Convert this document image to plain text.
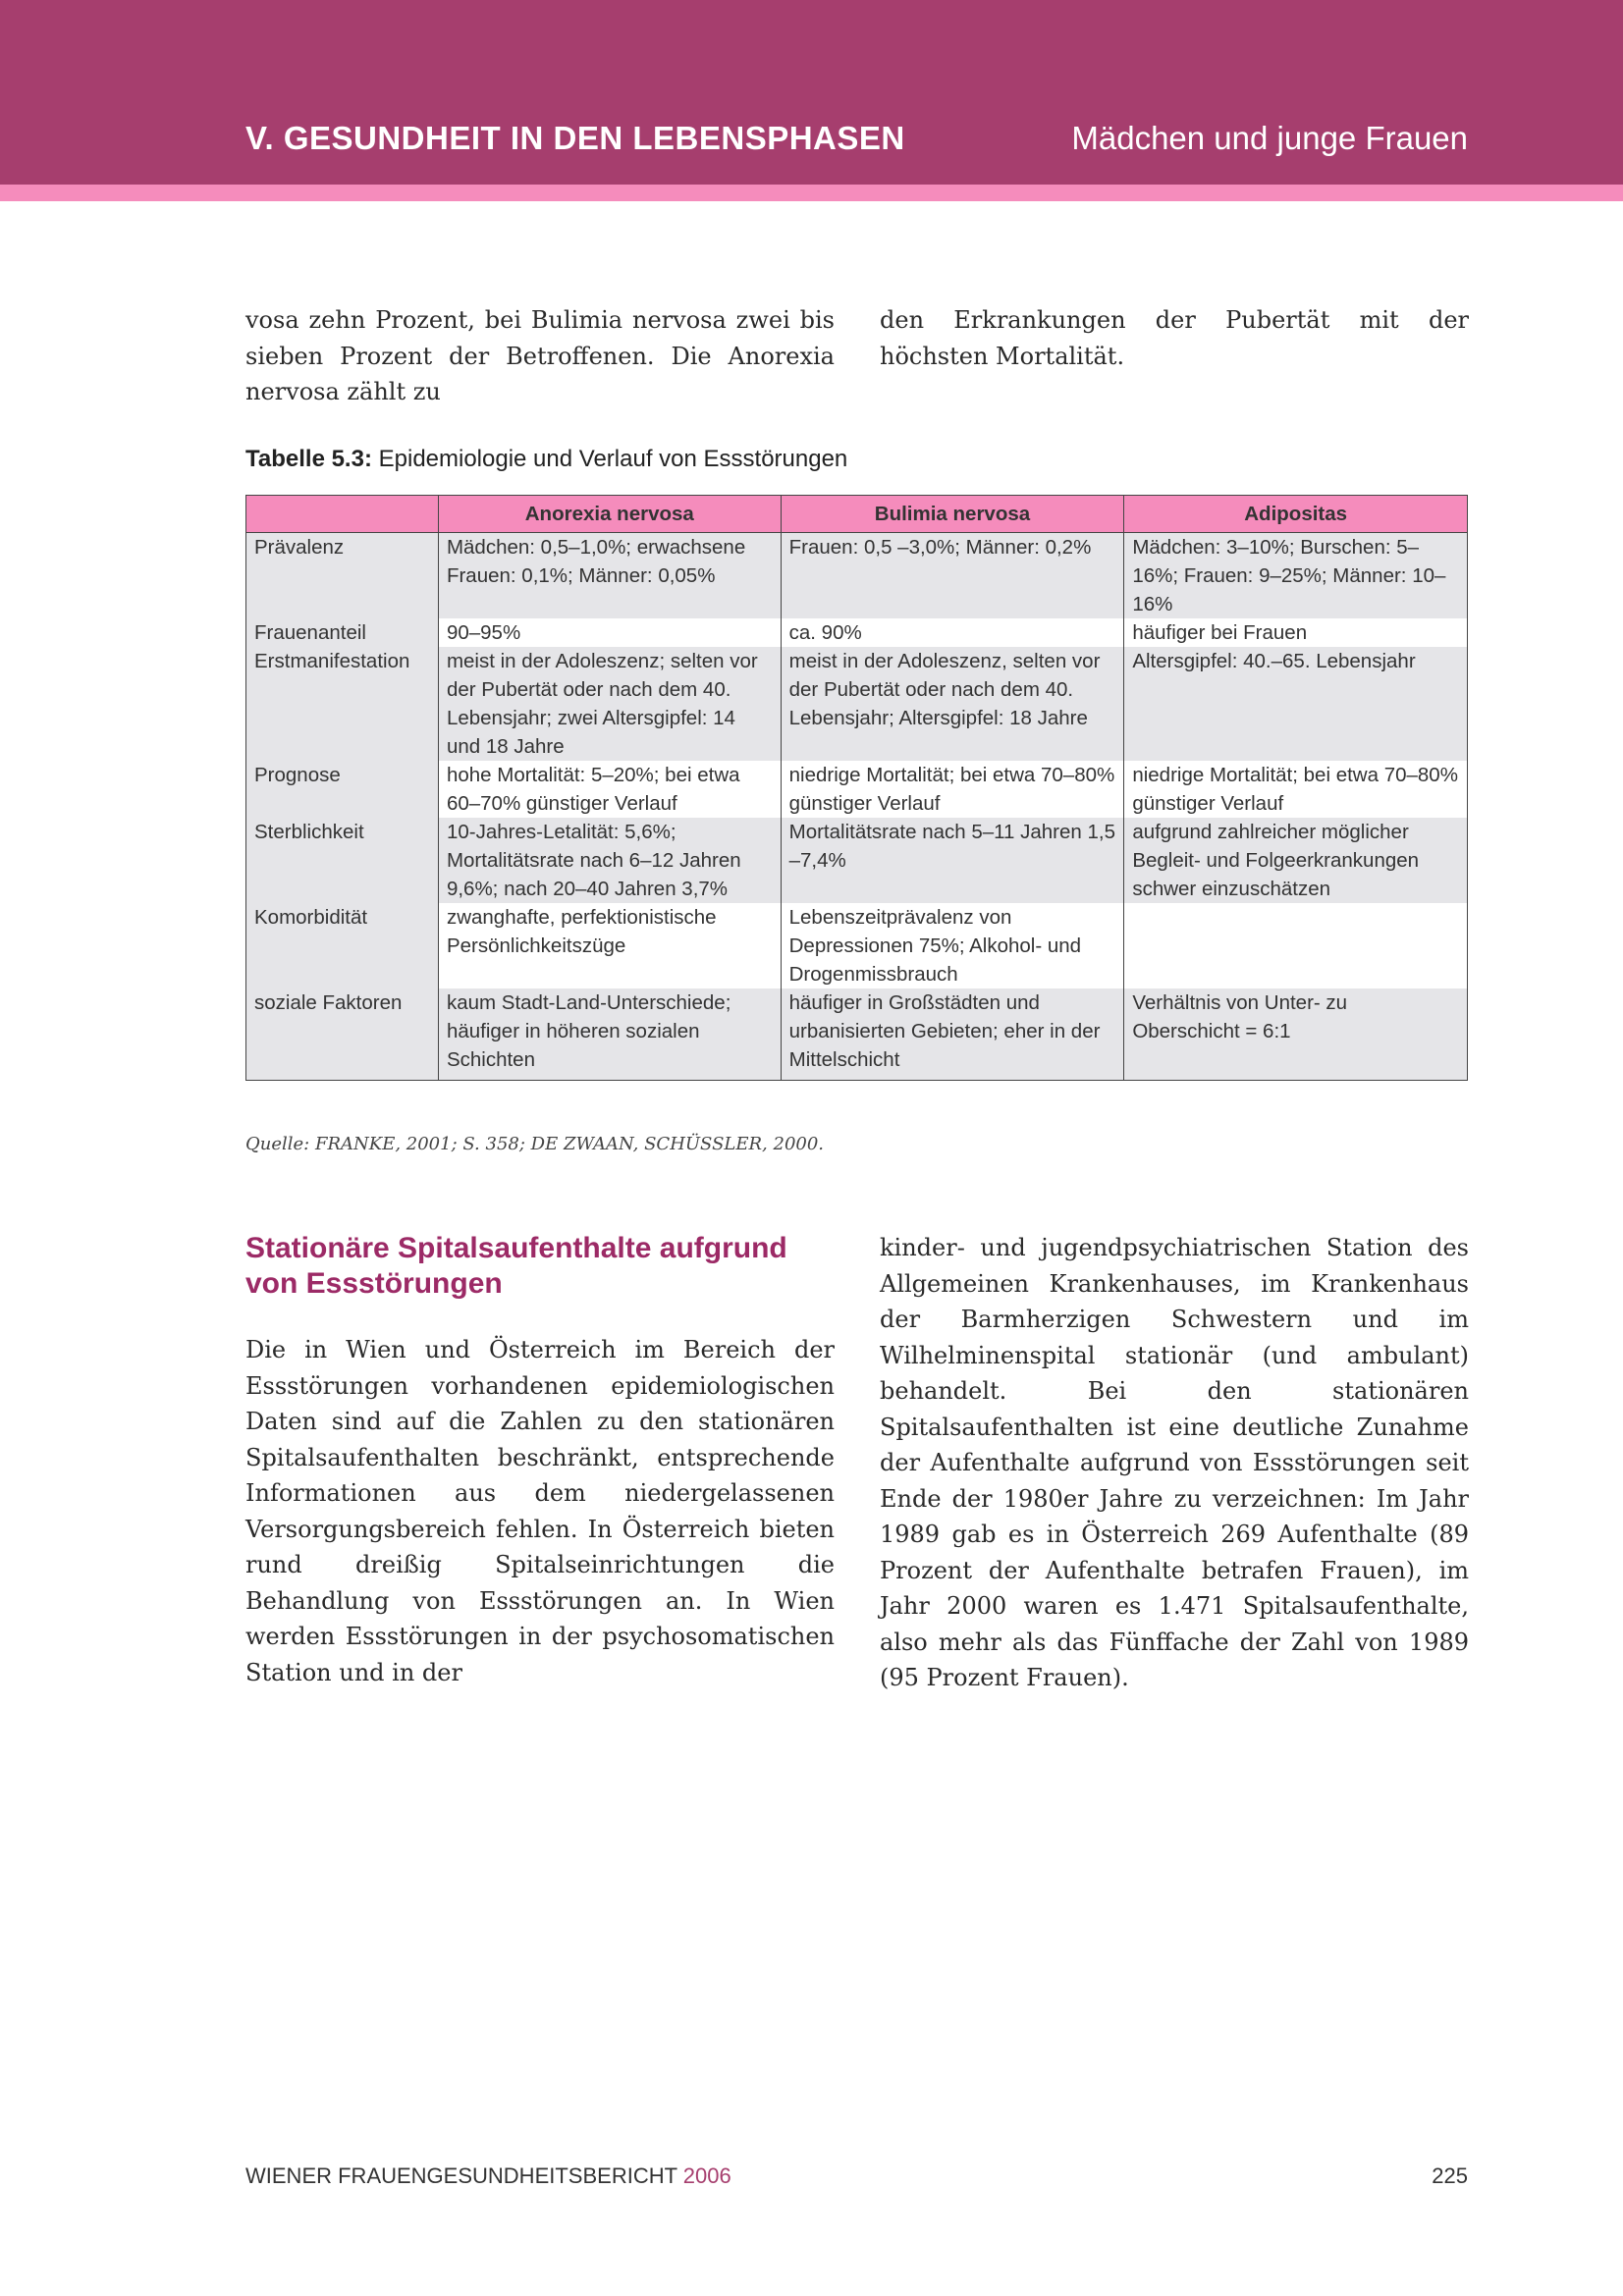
V. GESUNDHEIT IN DEN LEBENSPHASEN	Mädchen und junge Frauen

vosa zehn Prozent, bei Bulimia nervosa zwei bis sieben Prozent der Betroffenen. Die Anorexia nervosa zählt zu

den Erkrankungen der Pubertät mit der höchsten Mortalität.

Tabelle 5.3: Epidemiologie und Verlauf von Essstörungen
	Anorexia nervosa	Bulimia nervosa	Adipositas
Prävalenz	Mädchen: 0,5–1,0%; erwachsene Frauen: 0,1%; Männer: 0,05%	Frauen: 0,5 –3,0%; Männer: 0,2%	Mädchen: 3–10%; Burschen: 5–16%; Frauen: 9–25%; Männer: 10–16%
Frauenanteil	90–95%	ca. 90%	häufiger bei Frauen
Erstmanifestation	meist in der Adoleszenz; selten vor der Pubertät oder nach dem 40. Lebensjahr; zwei Altersgipfel: 14 und 18 Jahre	meist in der Adoleszenz, selten vor der Pubertät oder nach dem 40. Lebensjahr; Altersgipfel: 18 Jahre	Altersgipfel: 40.–65. Lebensjahr
Prognose	hohe Mortalität: 5–20%; bei etwa 60–70% günstiger Verlauf	niedrige Mortalität; bei etwa 70–80% günstiger Verlauf	niedrige Mortalität; bei etwa 70–80% günstiger Verlauf
Sterblichkeit	10-Jahres-Letalität: 5,6%; Mortalitätsrate nach 6–12 Jahren 9,6%; nach 20–40 Jahren 3,7%	Mortalitätsrate nach 5–11 Jahren 1,5 –7,4%	aufgrund zahlreicher möglicher Begleit- und Folgeerkrankungen schwer einzuschätzen
Komorbidität	zwanghafte, perfektionistische Persönlichkeitszüge	Lebenszeitprävalenz von Depressionen 75%; Alkohol- und Drogenmissbrauch	
soziale Faktoren	kaum Stadt-Land-Unterschiede; häufiger in höheren sozialen Schichten	häufiger in Großstädten und urbanisierten Gebieten; eher in der Mittelschicht	Verhältnis von Unter- zu Oberschicht = 6:1
Quelle: FRANKE, 2001; S. 358; DE ZWAAN, SCHÜSSLER, 2000.
Stationäre Spitalsaufenthalte aufgrund von Essstörungen

Die in Wien und Österreich im Bereich der Essstörungen vorhandenen epidemiologischen Daten sind auf die Zahlen zu den stationären Spitalsaufenthalten beschränkt, entsprechende Informationen aus dem niedergelassenen Versorgungsbereich fehlen. In Österreich bieten rund dreißig Spitalseinrichtungen die Behandlung von Essstörungen an. In Wien werden Essstörungen in der psychosomatischen Station und in der

kinder- und jugendpsychiatrischen Station des Allgemeinen Krankenhauses, im Krankenhaus der Barmherzigen Schwestern und im Wilhelminenspital stationär (und ambulant) behandelt. Bei den stationären Spitalsaufenthalten ist eine deutliche Zunahme der Aufenthalte aufgrund von Essstörungen seit Ende der 1980er Jahre zu verzeichnen: Im Jahr 1989 gab es in Österreich 269 Aufenthalte (89 Prozent der Aufenthalte betrafen Frauen), im Jahr 2000 waren es 1.471 Spitalsaufenthalte, also mehr als das Fünffache der Zahl von 1989 (95 Prozent Frauen).

WIENER FRAUENGESUNDHEITSBERICHT 2006	225
